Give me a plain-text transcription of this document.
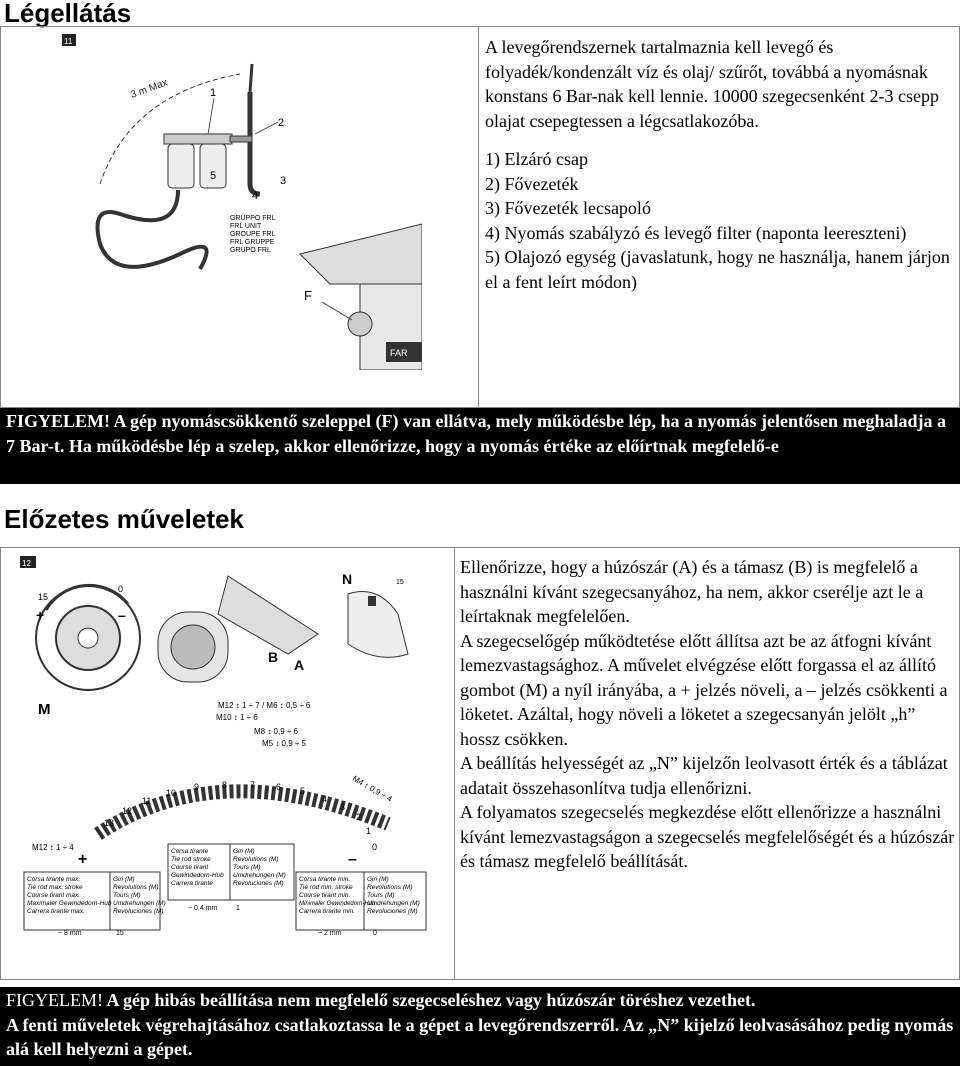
Légellátás
11
3 m Max	1
2
3
4
5
GRUPPO FRL
FRL UNIT
GROUPE FRL
FRL GRUPPE
GRUPO FRL
FAR
F

A levegőrendszernek tartalmaznia kell levegő és folyadék/kondenzált víz és olaj/ szűrőt, továbbá a nyomásnak konstans 6 Bar-nak kell lennie. 10000 szegecsenként 2-3 csepp olajat csepegtessen a légcsatlakozóba.

1) Elzáró csap

2) Fővezeték

3) Fővezeték lecsapoló

4) Nyomás szabályzó és levegő filter (naponta leereszteni)

5) Olajozó egység (javaslatunk, hogy ne használja, hanem járjon el a fent leírt módon)

FIGYELEM! A gép nyomáscsökkentő szeleppel (F) van ellátva, mely működésbe lép, ha a nyomás jelentősen meghaladja a 7 Bar-t. Ha működésbe lép a szelep, akkor ellenőrizze, hogy a nyomás értéke az előírtnak megfelelő-e

Előzetes műveletek
12
15
0
+	–
M
B A
N	15
13
12
11
10
9	8	7 6 5
4
3
2
1
0
M12 ↕ 1 ÷ 7 / M6 ↕ 0,5 ÷ 6
M10 ↕ 1 ÷ 6
M8 ↕ 0,9 ÷ 6
M5 ↕ 0,9 ÷ 5
M4 ↕ 0,9 ÷ 4
M12 ↕ 1 ÷ 4
+	–
Corsa tirante max.
Tie rod max. stroke
Course tirant max.
Maximaler Gewindedorn-Hub
Carrera tirante max.
Giri (M)
Revolutions (M)
Tours (M)
Umdrehungen (M)
Revoluciones (M)
~ 8 mm	15
Corsa tirante
Tie rod stroke
Course tirant
Gewindedorn-Hub
Carrera tirante
Giri (M)
Revolutions (M)
Tours (M)
Umdrehungen (M)
Revoluciones (M)
~ 0.4 mm	1
Corsa tirante min.
Tie rod min. stroke
Course tirant min.
Minimaler Gewindedorn-Hub
Carrera tirante min.
Giri (M)
Revolutions (M)
Tours (M)
Umdrehungen (M)
Revoluciones (M)
~ 2 mm	0

Ellenőrizze, hogy a húzószár (A) és a támasz (B) is megfelelő a használni kívánt szegecsanyához, ha nem, akkor cserélje azt le a leírtaknak megfelelően.

A szegecselőgép működtetése előtt állítsa azt be az átfogni kívánt lemezvastagsághoz. A művelet elvégzése előtt forgassa el az állító gombot (M) a nyíl irányába, a + jelzés növeli, a – jelzés csökkenti a löketet. Azáltal, hogy növeli a löketet a szegecsanyán jelölt „h” hossz csökken.

A beállítás helyességét az „N” kijelzőn leolvasott érték és a táblázat adatait összehasonlítva tudja ellenőrizni.

A folyamatos szegecselés megkezdése előtt ellenőrizze a használni kívánt lemezvastagságon a szegecselés megfelelőségét és a húzószár és támasz megfelelő beállítását.

FIGYELEM! A gép hibás beállítása nem megfelelő szegecseléshez vagy húzószár töréshez vezethet.

A fenti műveletek végrehajtásához csatlakoztassa le a gépet a levegőrendszerről. Az „N” kijelző leolvasásához pedig nyomás alá kell helyezni a gépet.
